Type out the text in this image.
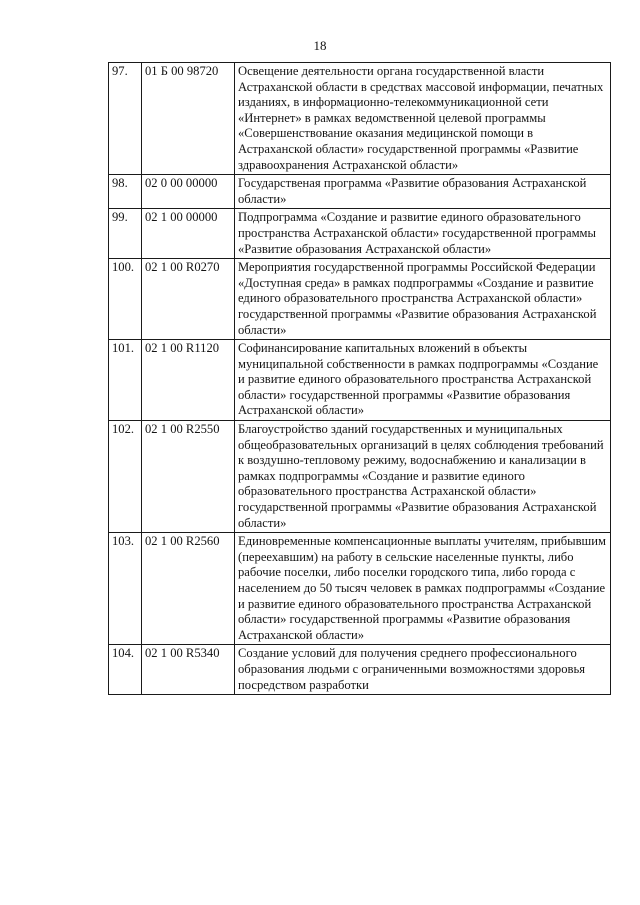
18
97.	01 Б 00 98720	Освещение деятельности органа государственной власти Астраханской области в средствах массовой информации, печатных изданиях, в информационно-телекоммуникационной сети «Интернет» в рамках ведомственной целевой программы «Совершенствование оказания медицинской помощи в Астраханской области» государственной программы «Развитие здравоохранения Астраханской области»
98.	02 0 00 00000	Государственая программа «Развитие образования Астраханской области»
99.	02 1 00 00000	Подпрограмма «Создание и развитие единого образовательного пространства Астраханской области» государственной программы «Развитие образования Астраханской области»
100.	02 1 00 R0270	Мероприятия государственной программы Российской Федерации «Доступная среда» в рамках подпрограммы «Создание и развитие единого образовательного пространства Астраханской области» государственной программы «Развитие образования Астраханской области»
101.	02 1 00 R1120	Софинансирование капитальных вложений в объекты муниципальной собственности в рамках подпрограммы «Создание и развитие единого образовательного пространства Астраханской области» государственной программы «Развитие образования Астраханской области»
102.	02 1 00 R2550	Благоустройство зданий государственных и муниципальных общеобразовательных организаций в целях соблюдения требований к воздушно-тепловому режиму, водоснабжению и канализации в рамках подпрограммы «Создание и развитие единого образовательного пространства Астраханской области» государственной программы «Развитие образования Астраханской области»
103.	02 1 00 R2560	Единовременные компенсационные выплаты учителям, прибывшим (переехавшим) на работу в сельские населенные пункты, либо рабочие поселки, либо поселки городского типа, либо города с населением до 50 тысяч человек в рамках подпрограммы «Создание и развитие единого образовательного пространства Астраханской области» государственной программы «Развитие образования Астраханской области»
104.	02 1 00 R5340	Создание условий для получения среднего профессионального образования людьми с ограниченными возможностями здоровья посредством разработки
